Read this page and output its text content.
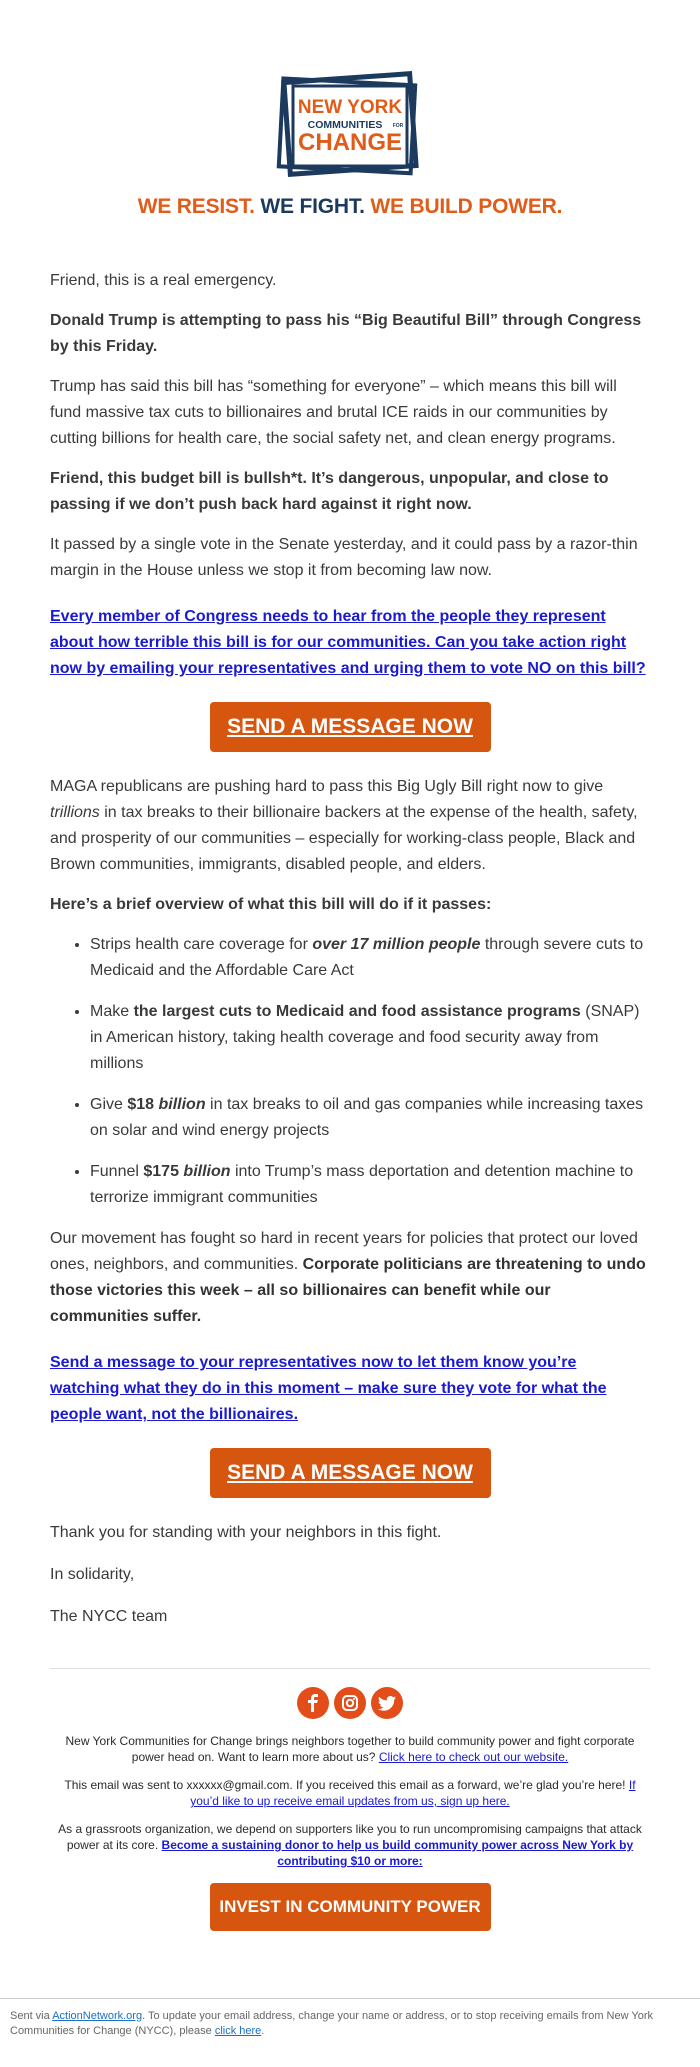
NEW YORK
COMMUNITIES FOR
CHANGE
WE RESIST. WE FIGHT. WE BUILD POWER.

Friend, this is a real emergency.

Donald Trump is attempting to pass his “Big Beautiful Bill” through Congress by this Friday.

Trump has said this bill has “something for everyone” – which means this bill will fund massive tax cuts to billionaires and brutal ICE raids in our communities by cutting billions for health care, the social safety net, and clean energy programs.

Friend, this budget bill is bullsh*t. It’s dangerous, unpopular, and close to passing if we don’t push back hard against it right now.

It passed by a single vote in the Senate yesterday, and it could pass by a razor-thin margin in the House unless we stop it from becoming law now.

Every member of Congress needs to hear from the people they represent about how terrible this bill is for our communities. Can you take action right now by emailing your representatives and urging them to vote NO on this bill?
SEND A MESSAGE NOW

MAGA republicans are pushing hard to pass this Big Ugly Bill right now to give trillions in tax breaks to their billionaire backers at the expense of the health, safety, and prosperity of our communities – especially for working-class people, Black and Brown communities, immigrants, disabled people, and elders.

Here’s a brief overview of what this bill will do if it passes:

• Strips health care coverage for over 17 million people through severe cuts to Medicaid and the Affordable Care Act
• Make the largest cuts to Medicaid and food assistance programs (SNAP) in American history, taking health coverage and food security away from millions
• Give $18 billion in tax breaks to oil and gas companies while increasing taxes on solar and wind energy projects
• Funnel $175 billion into Trump’s mass deportation and detention machine to terrorize immigrant communities

Our movement has fought so hard in recent years for policies that protect our loved ones, neighbors, and communities. Corporate politicians are threatening to undo those victories this week – all so billionaires can benefit while our communities suffer.

Send a message to your representatives now to let them know you’re watching what they do in this moment – make sure they vote for what the people want, not the billionaires.
SEND A MESSAGE NOW

Thank you for standing with your neighbors in this fight.

In solidarity,

The NYCC team

New York Communities for Change brings neighbors together to build community power and fight corporate power head on. Want to learn more about us? Click here to check out our website.

This email was sent to xxxxxx@gmail.com. If you received this email as a forward, we’re glad you’re here! If you’d like to up receive email updates from us, sign up here.

As a grassroots organization, we depend on supporters like you to run uncompromising campaigns that attack power at its core. Become a sustaining donor to help us build community power across New York by contributing $10 or more:

INVEST IN COMMUNITY POWER
Sent via ActionNetwork.org. To update your email address, change your name or address, or to stop receiving emails from New York Communities for Change (NYCC), please click here.
